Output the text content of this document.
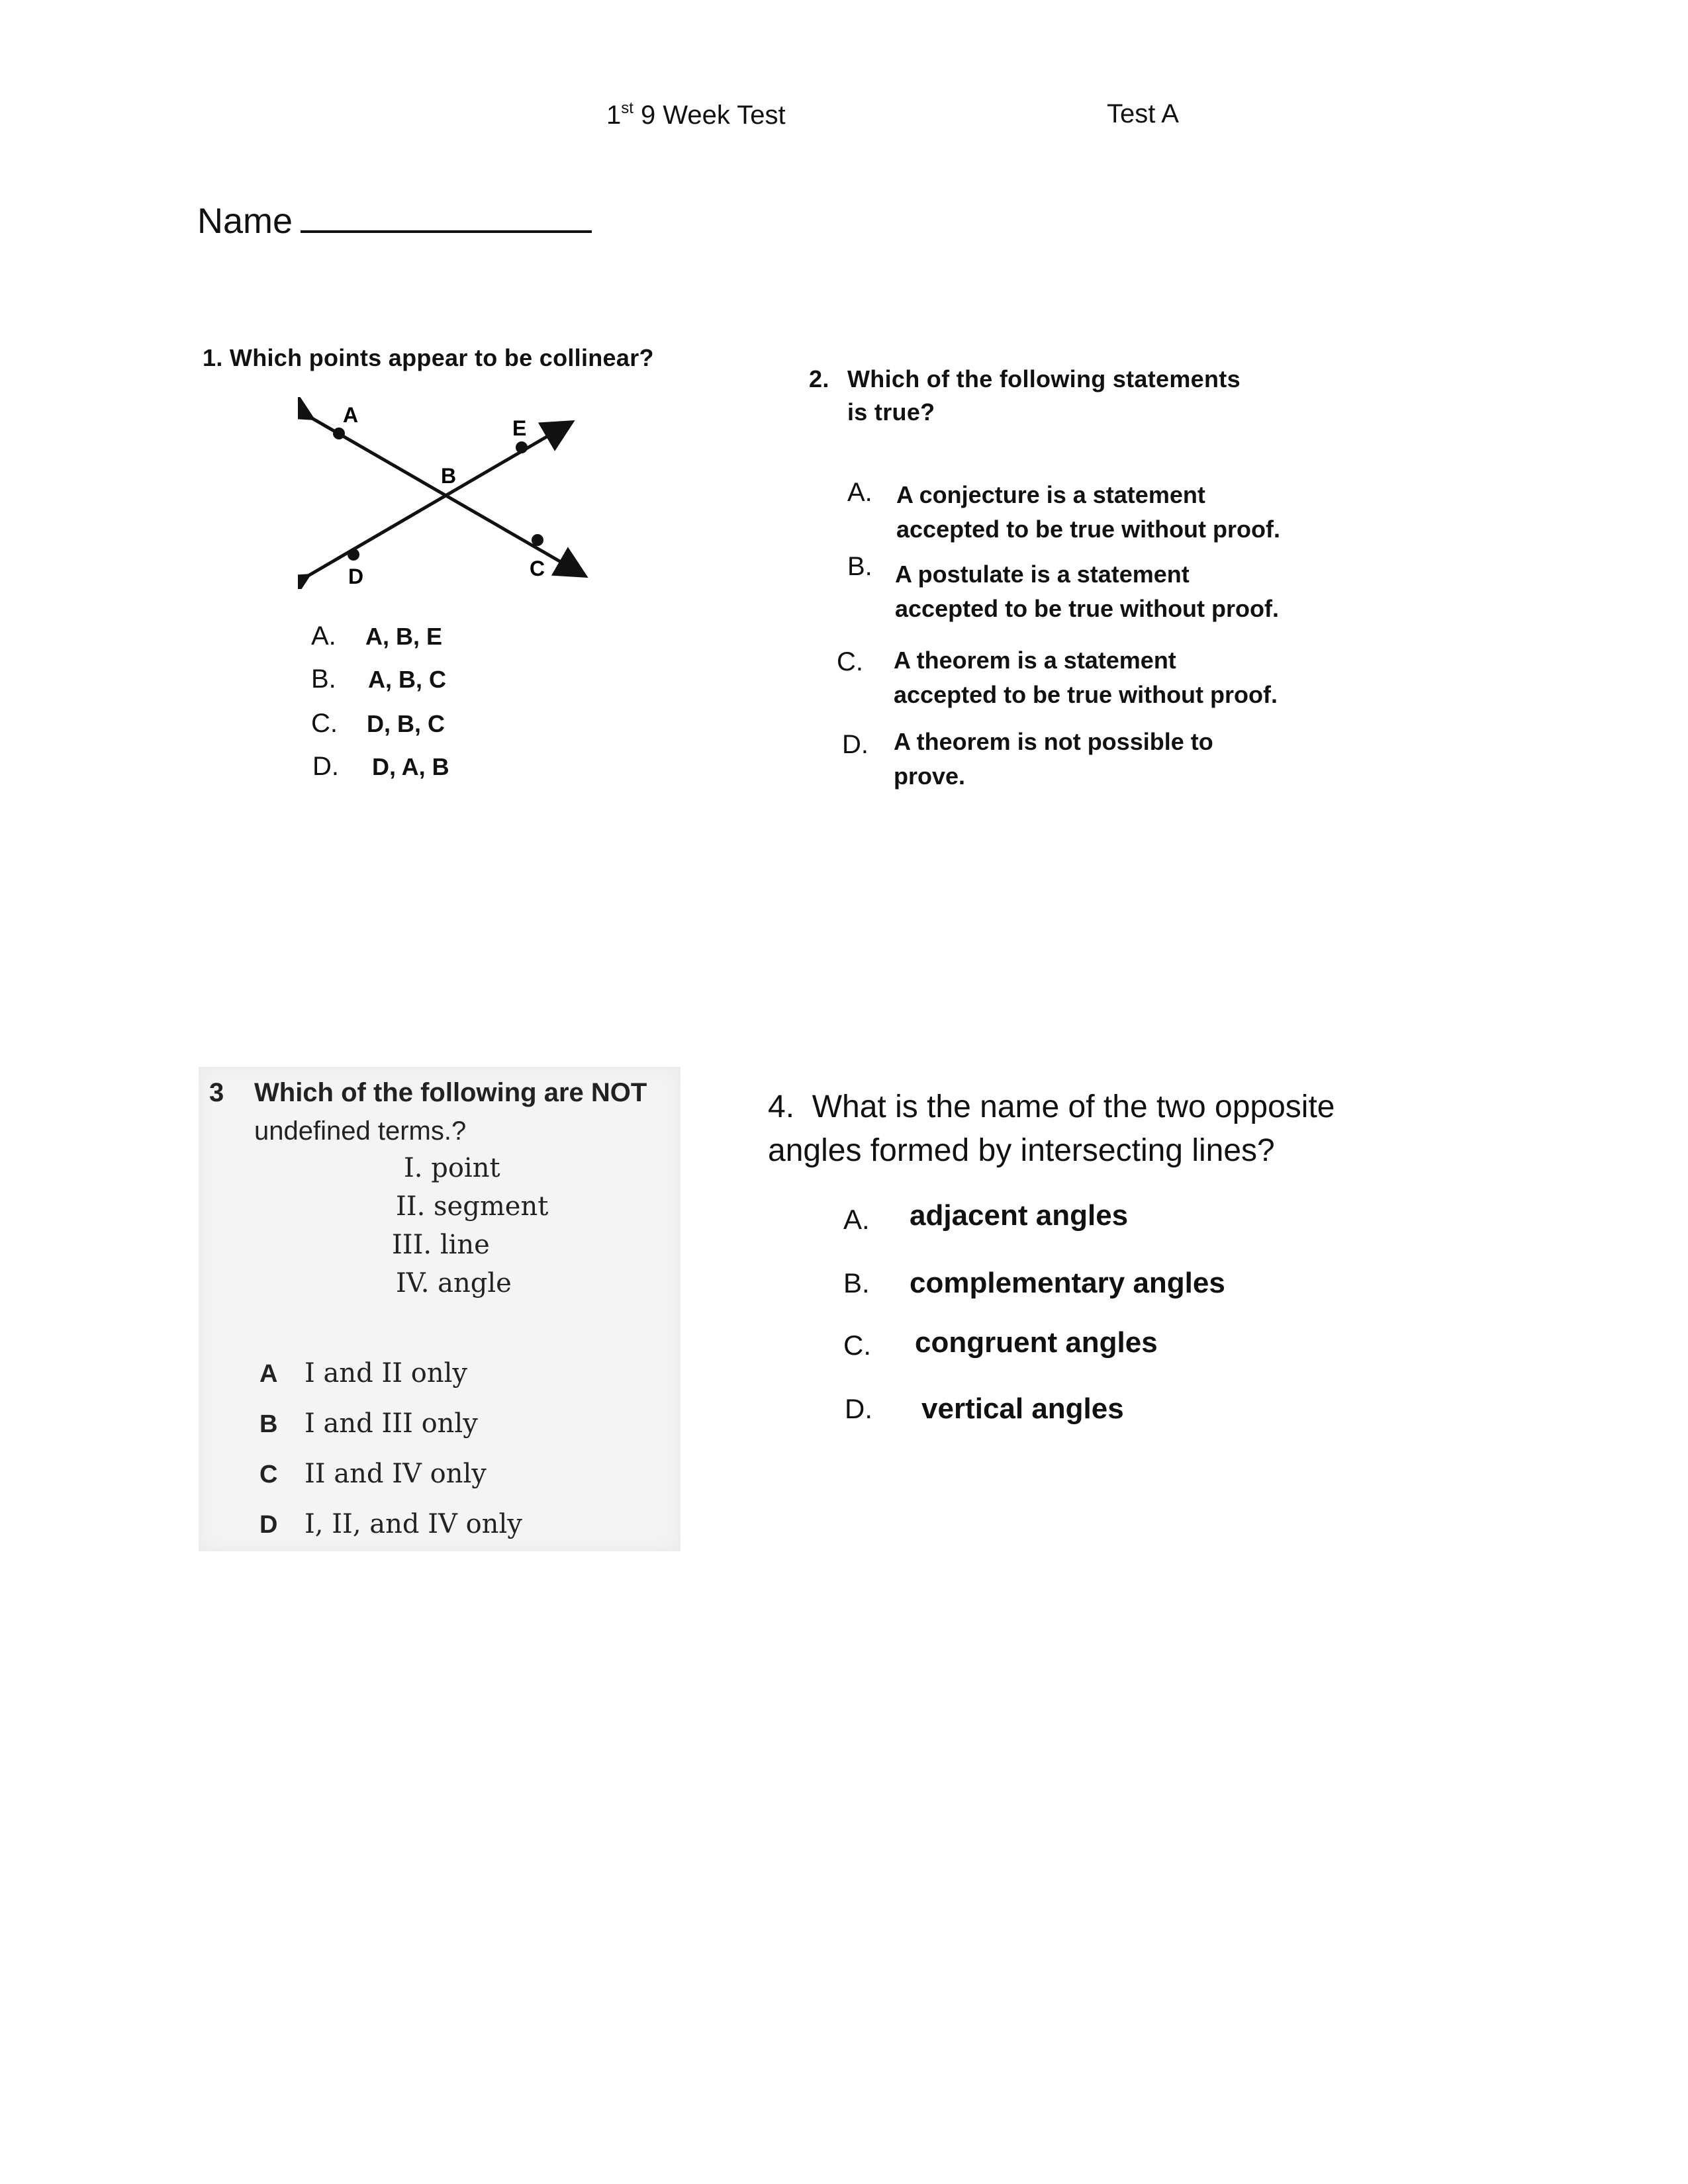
1st 9 Week Test	Test A
Name
1. Which points appear to be collinear?
A
E
B
D	C
A. A, B, E
B. A, B, C
C. D, B, C
D. D, A, B
2. Which of the following statements
is true?
A. A conjecture is a statement
accepted to be true without proof.
B. A postulate is a statement
accepted to be true without proof.
C. A theorem is a statement
accepted to be true without proof.
D. A theorem is not possible to
prove.
3 Which of the following are NOT
undefined terms.?
I. point
II. segment
III. line
IV. angle
A I and II only
B I and III only
C II and IV only
D I, II, and IV only
4.  What is the name of the two opposite
angles formed by intersecting lines?
A. adjacent angles
B. complementary angles
C. congruent angles
D. vertical angles
